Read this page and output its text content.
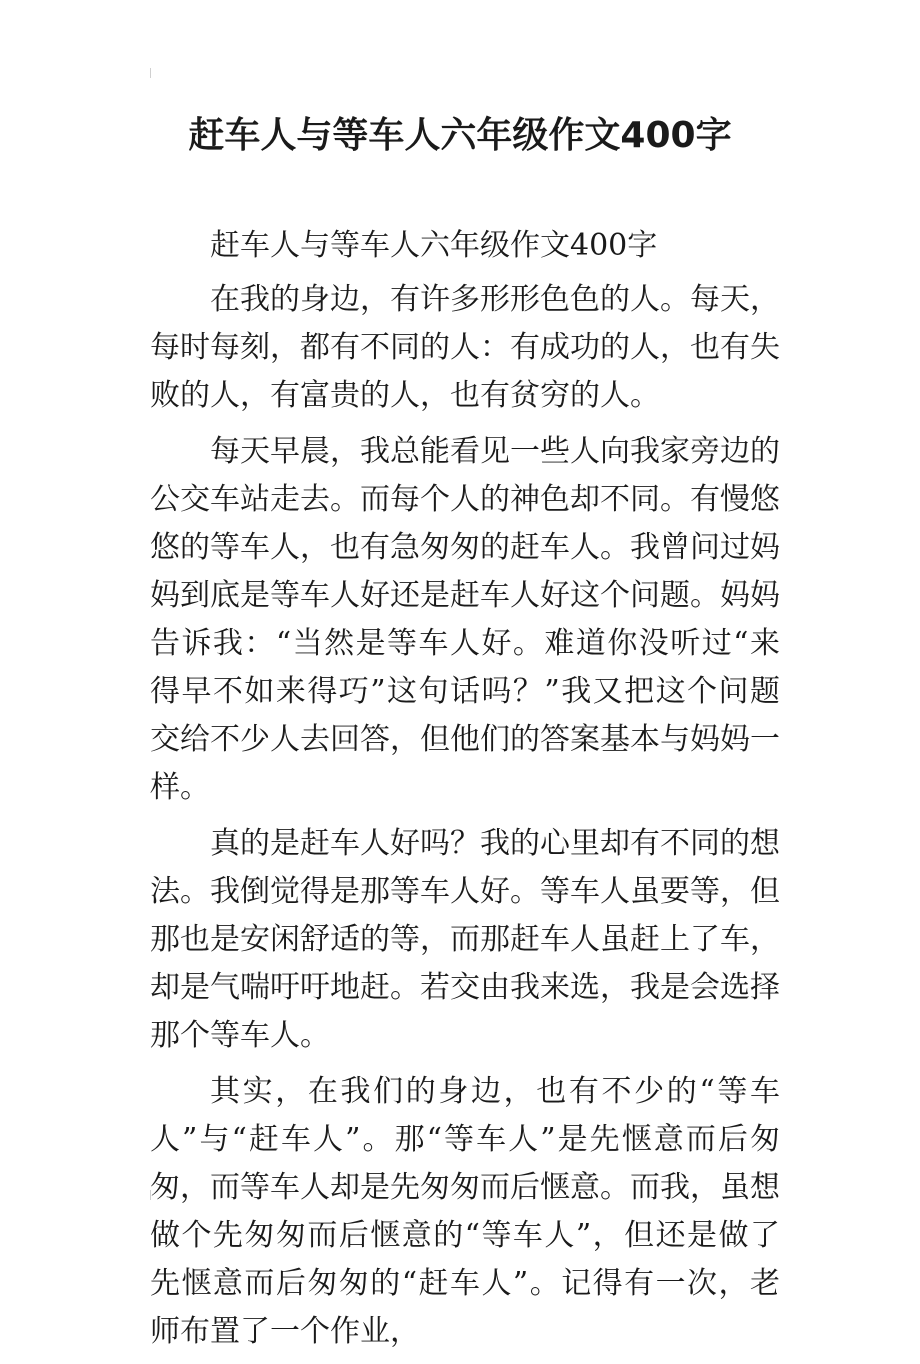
赶车人与等车人六年级作文400字

赶车人与等车人六年级作文400字

在我的身边，有许多形形色色的人。每天，每时每刻，都有不同的人：有成功的人，也有失败的人，有富贵的人，也有贫穷的人。

每天早晨，我总能看见一些人向我家旁边的公交车站走去。而每个人的神色却不同。有慢悠悠的等车人，也有急匆匆的赶车人。我曾问过妈妈到底是等车人好还是赶车人好这个问题。妈妈告诉我：“当然是等车人好。难道你没听过“来得早不如来得巧”这句话吗？”我又把这个问题交给不少人去回答，但他们的答案基本与妈妈一样。

真的是赶车人好吗？我的心里却有不同的想法。我倒觉得是那等车人好。等车人虽要等，但那也是安闲舒适的等，而那赶车人虽赶上了车，却是气喘吁吁地赶。若交由我来选，我是会选择那个等车人。

其实，在我们的身边，也有不少的“等车人”与“赶车人”。那“等车人”是先惬意而后匆匆，而等车人却是先匆匆而后惬意。而我，虽想做个先匆匆而后惬意的“等车人”，但还是做了先惬意而后匆匆的“赶车人”。记得有一次，老师布置了一个作业，
